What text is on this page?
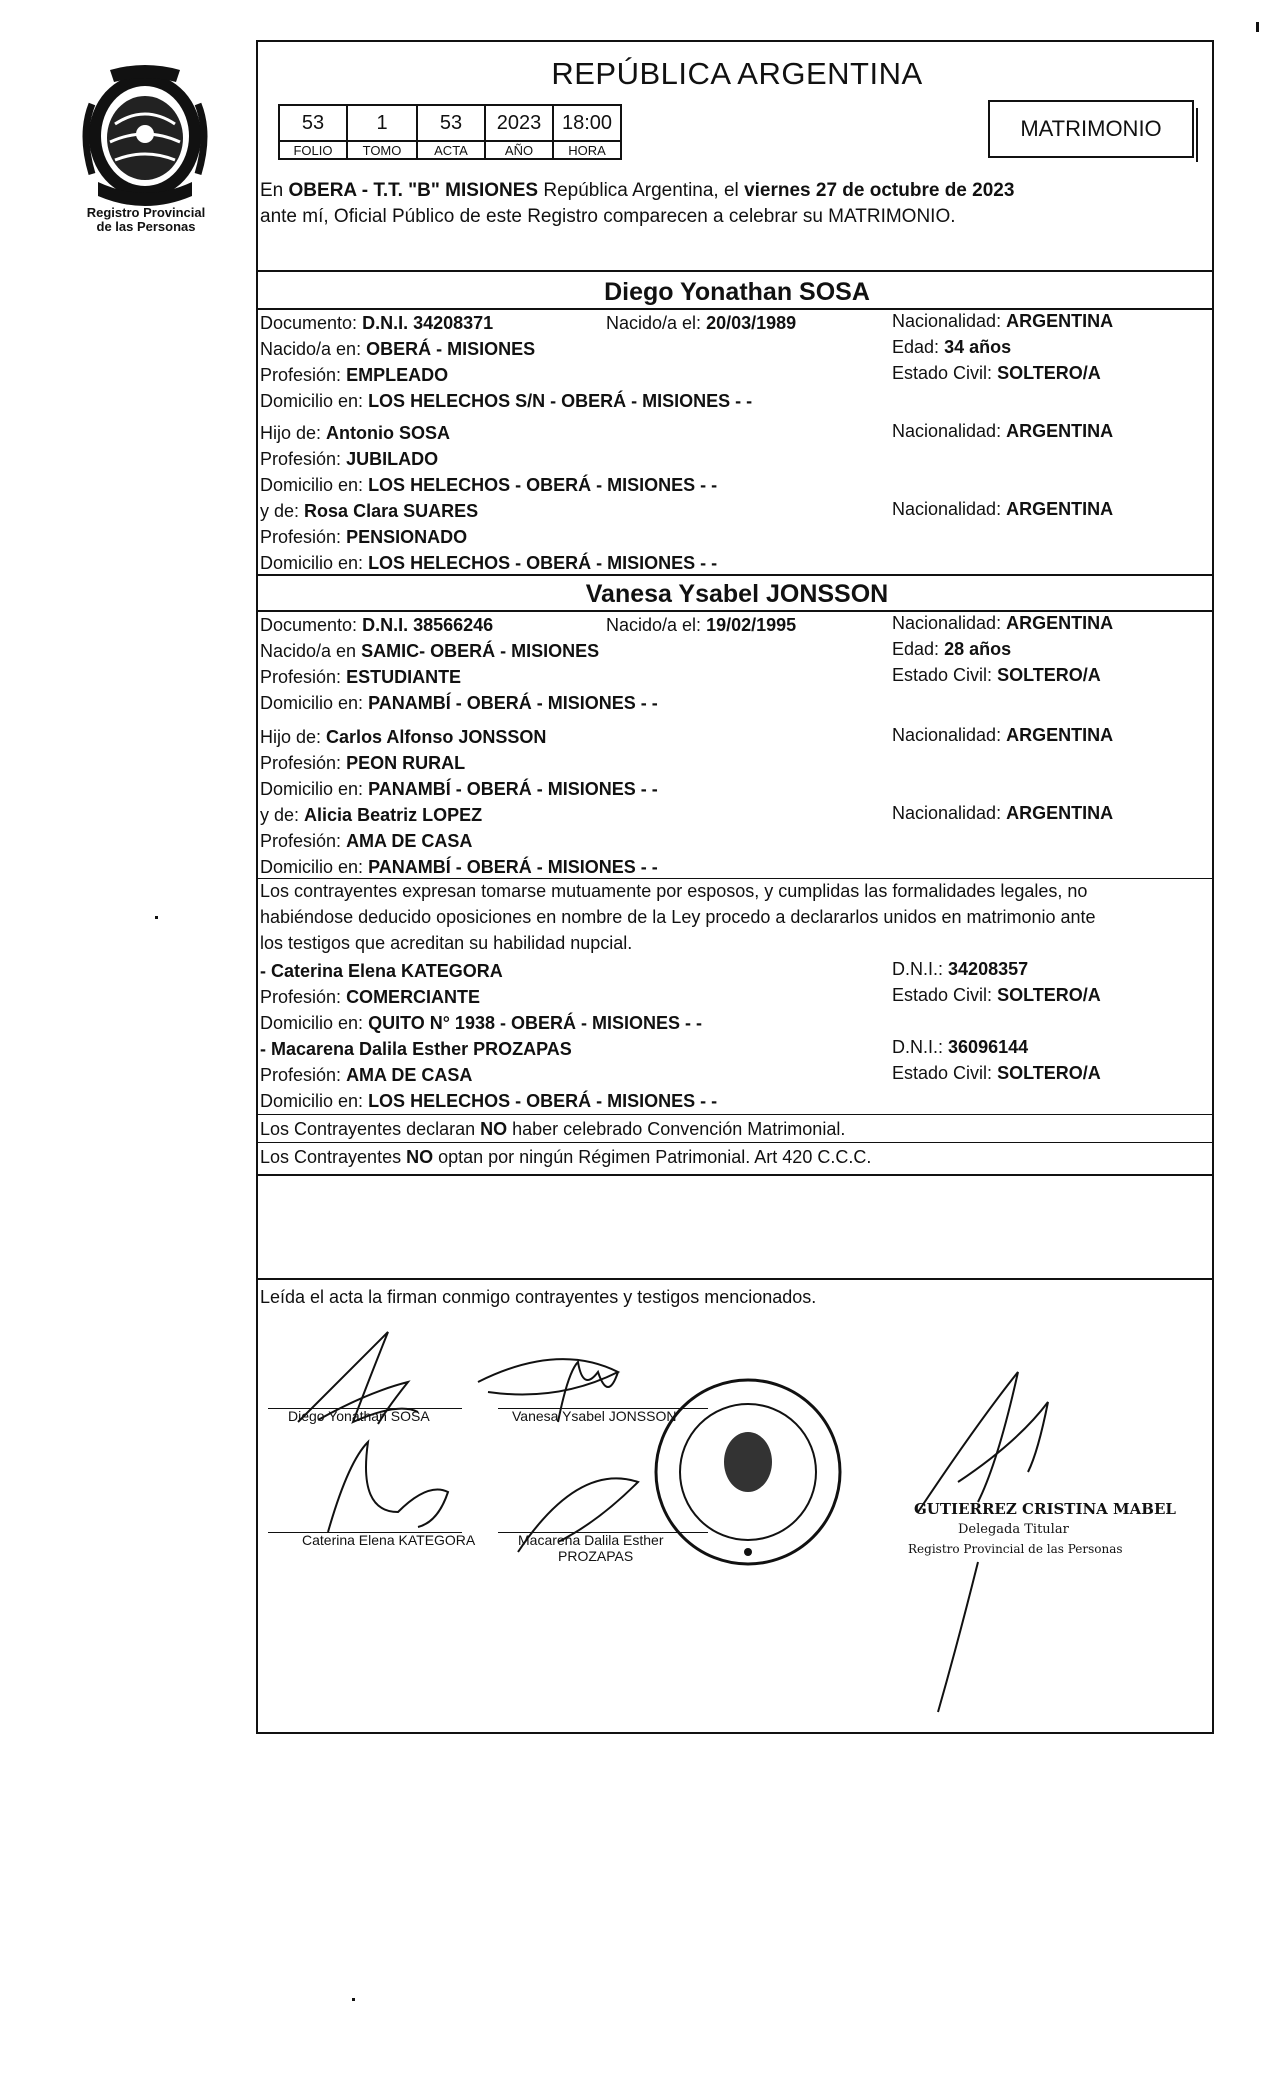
Registro Provincial
de las Personas
REPÚBLICA ARGENTINA
53	1	53	2023	18:00
FOLIO	TOMO	ACTA	AÑO	HORA
MATRIMONIO
En OBERA - T.T. "B" MISIONES República Argentina, el viernes 27 de octubre de 2023
ante mí, Oficial Público de este Registro comparecen a celebrar su MATRIMONIO.
Diego Yonathan SOSA
Documento: D.N.I. 34208371	Nacido/a el: 20/03/1989	Nacionalidad: ARGENTINA
Nacido/a en: OBERÁ - MISIONES	Edad: 34 años
Profesión: EMPLEADO	Estado Civil: SOLTERO/A
Domicilio en: LOS HELECHOS S/N - OBERÁ - MISIONES - -
Hijo de: Antonio SOSA	Nacionalidad: ARGENTINA
Profesión: JUBILADO
Domicilio en: LOS HELECHOS - OBERÁ - MISIONES - -
y de: Rosa Clara SUARES	Nacionalidad: ARGENTINA
Profesión: PENSIONADO
Domicilio en: LOS HELECHOS - OBERÁ - MISIONES - -
Vanesa Ysabel JONSSON
Documento: D.N.I. 38566246	Nacido/a el: 19/02/1995	Nacionalidad: ARGENTINA
Nacido/a en SAMIC- OBERÁ - MISIONES	Edad: 28 años
Profesión: ESTUDIANTE	Estado Civil: SOLTERO/A
Domicilio en: PANAMBÍ - OBERÁ - MISIONES - -
Hijo de: Carlos Alfonso JONSSON	Nacionalidad: ARGENTINA
Profesión: PEON RURAL
Domicilio en: PANAMBÍ - OBERÁ - MISIONES - -
y de: Alicia Beatriz LOPEZ	Nacionalidad: ARGENTINA
Profesión: AMA DE CASA
Domicilio en: PANAMBÍ - OBERÁ - MISIONES - -
Los contrayentes expresan tomarse mutuamente por esposos, y cumplidas las formalidades legales, no
habiéndose deducido oposiciones en nombre de la Ley procedo a declararlos unidos en matrimonio ante
los testigos que acreditan su habilidad nupcial.
- Caterina Elena KATEGORA	D.N.I.: 34208357
Profesión: COMERCIANTE	Estado Civil: SOLTERO/A
Domicilio en: QUITO N° 1938 - OBERÁ - MISIONES - -
- Macarena Dalila Esther PROZAPAS	D.N.I.: 36096144
Profesión: AMA DE CASA	Estado Civil: SOLTERO/A
Domicilio en: LOS HELECHOS - OBERÁ - MISIONES - -
Los Contrayentes declaran NO haber celebrado Convención Matrimonial.
Los Contrayentes NO optan por ningún Régimen Patrimonial. Art 420 C.C.C.
Leída el acta la firman conmigo contrayentes y testigos mencionados.
Diego Yonathan SOSA	Vanesa Ysabel JONSSON
Caterina Elena KATEGORA	Macarena Dalila Esther
PROZAPAS
GUTIERREZ CRISTINA MABEL
Delegada Titular
Registro Provincial de las Personas
